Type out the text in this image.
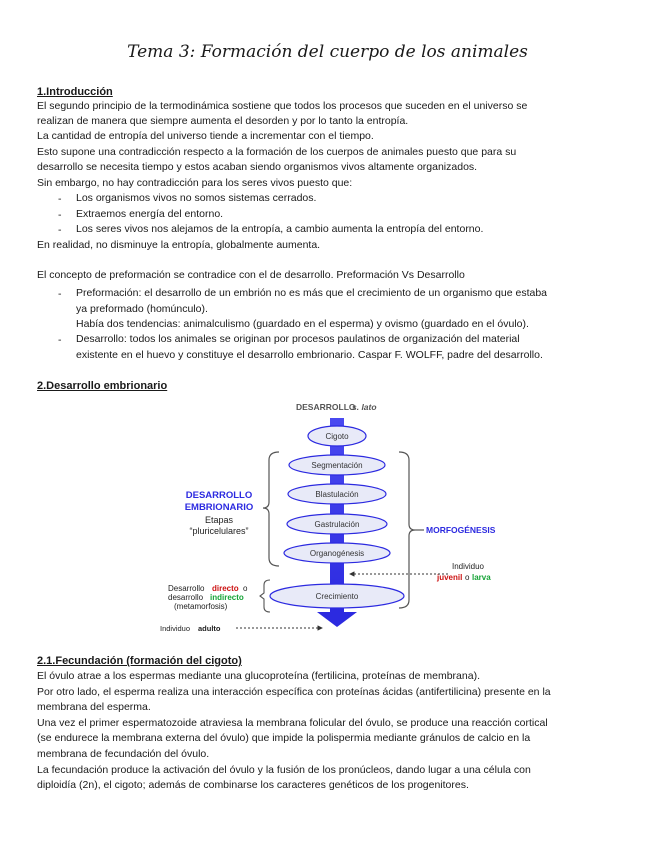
Tema 3: Formación del cuerpo de los animales
1.Introducción
El segundo principio de la termodinámica sostiene que todos los procesos que suceden en el universo se
realizan de manera que siempre aumenta el desorden y por lo tanto la entropía.
La cantidad de entropía del universo tiende a incrementar con el tiempo.
Esto supone una contradicción respecto a la formación de los cuerpos de animales puesto que para su
desarrollo se necesita tiempo y estos acaban siendo organismos vivos altamente organizados.
Sin embargo, no hay contradicción para los seres vivos puesto que:
- Los organismos vivos no somos sistemas cerrados.
- Extraemos energía del entorno.
- Los seres vivos nos alejamos de la entropía, a cambio aumenta la entropía del entorno.
En realidad, no disminuye la entropía, globalmente aumenta.
El concepto de preformación se contradice con el de desarrollo. Preformación Vs Desarrollo
- Preformación: el desarrollo de un embrión no es más que el crecimiento de un organismo que estaba
ya preformado (homúnculo).
Había dos tendencias: animalculismo (guardado en el esperma) y ovismo (guardado en el óvulo).
- Desarrollo: todos los animales se originan por procesos paulatinos de organización del material
existente en el huevo y constituye el desarrollo embrionario. Caspar F. WOLFF, padre del desarrollo.
2.Desarrollo embrionario
DESARROLLO
s. lato
Cigoto
Segmentación
Blastulación
Gastrulación
Organogénesis
Crecimiento
DESARROLLO
EMBRIONARIO
Etapas
“pluricelulares”	MORFOGÉNESIS
Individuo
juvenil o larva
Desarrollo directo o
desarrollo indirecto
(metamorfosis)
Individuo adulto
2.1.Fecundación (formación del cigoto)
El óvulo atrae a los espermas mediante una glucoproteína (fertilicina, proteínas de membrana).
Por otro lado, el esperma realiza una interacción específica con proteínas ácidas (antifertilicina) presente en la
membrana del esperma.
Una vez el primer espermatozoide atraviesa la membrana folicular del óvulo, se produce una reacción cortical
(se endurece la membrana externa del óvulo) que impide la polispermia mediante gránulos de calcio en la
membrana de fecundación del óvulo.
La fecundación produce la activación del óvulo y la fusión de los pronúcleos, dando lugar a una célula con
diploidía (2n), el cigoto; además de combinarse los caracteres genéticos de los progenitores.
